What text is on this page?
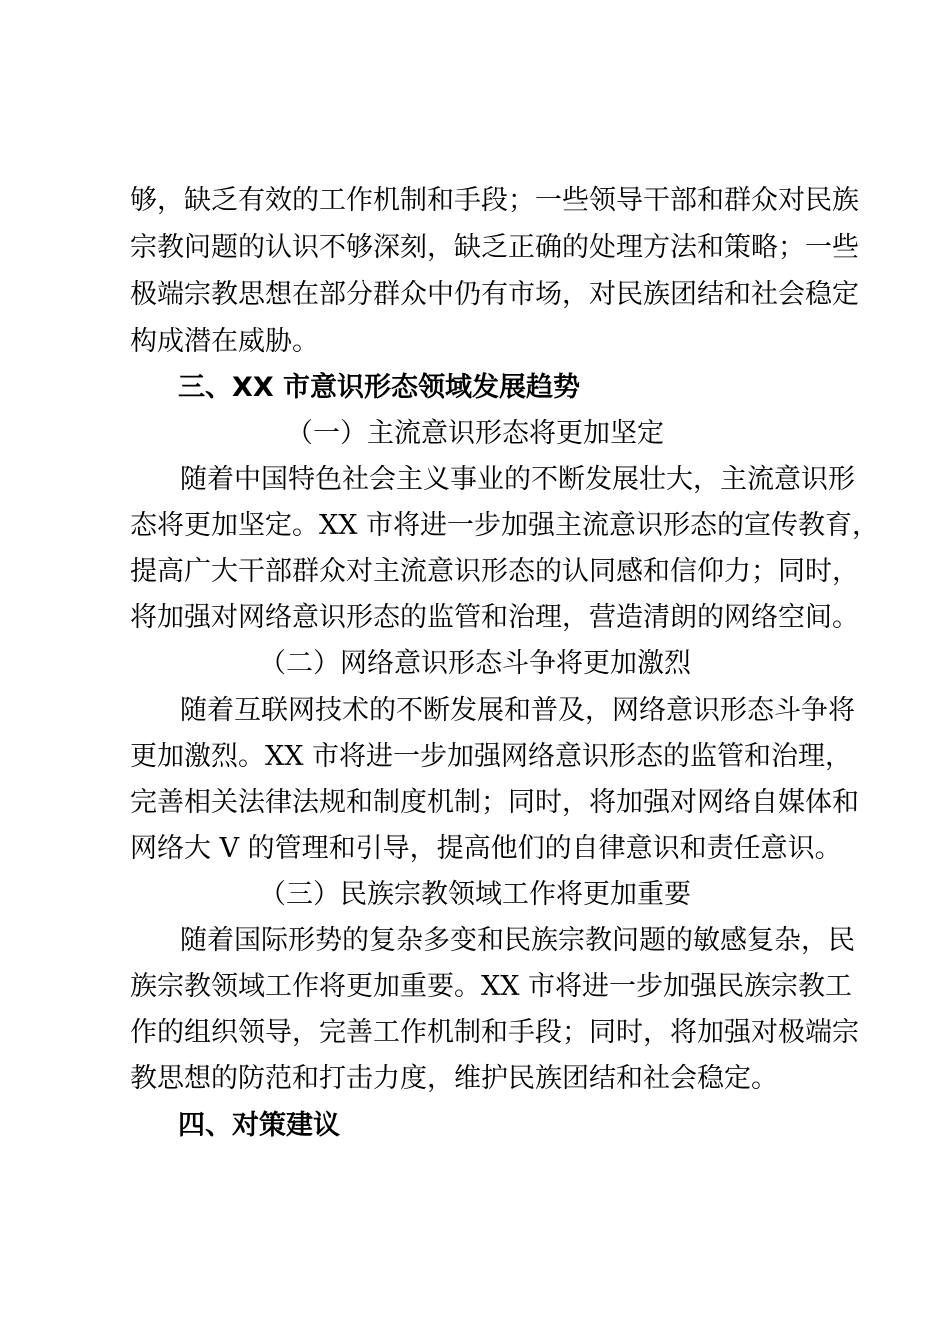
够，缺乏有效的工作机制和手段；一些领导干部和群众对民族
宗教问题的认识不够深刻，缺乏正确的处理方法和策略；一些
极端宗教思想在部分群众中仍有市场，对民族团结和社会稳定
构成潜在威胁。
三、XX 市意识形态领域发展趋势
（一）主流意识形态将更加坚定
随着中国特色社会主义事业的不断发展壮大，主流意识形
态将更加坚定。XX 市将进一步加强主流意识形态的宣传教育，
提高广大干部群众对主流意识形态的认同感和信仰力；同时，
将加强对网络意识形态的监管和治理，营造清朗的网络空间。
（二）网络意识形态斗争将更加激烈
随着互联网技术的不断发展和普及，网络意识形态斗争将
更加激烈。XX 市将进一步加强网络意识形态的监管和治理，
完善相关法律法规和制度机制；同时，将加强对网络自媒体和
网络大 V 的管理和引导，提高他们的自律意识和责任意识。
（三）民族宗教领域工作将更加重要
随着国际形势的复杂多变和民族宗教问题的敏感复杂，民
族宗教领域工作将更加重要。XX 市将进一步加强民族宗教工
作的组织领导，完善工作机制和手段；同时，将加强对极端宗
教思想的防范和打击力度，维护民族团结和社会稳定。
四、对策建议
